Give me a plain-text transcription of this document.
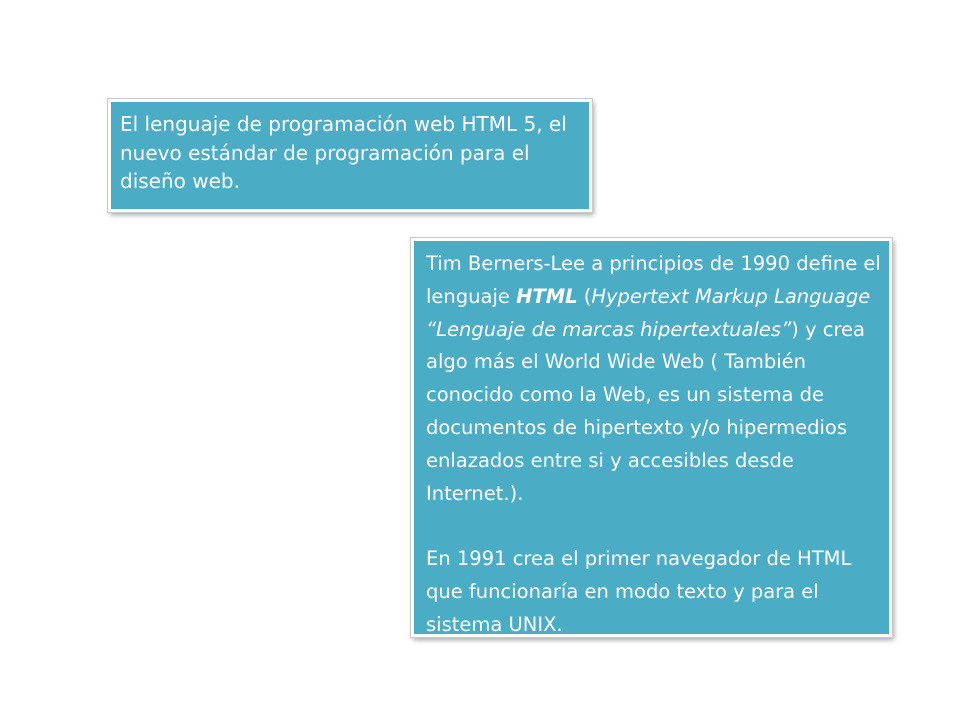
El lenguaje de programación web HTML 5, el nuevo estándar de programación para el diseño web.

Tim Berners-Lee a principios de 1990 define el lenguaje HTML (Hypertext Markup Language “Lenguaje de marcas hipertextuales”) y crea algo más el World Wide Web ( También conocido como la Web, es un sistema de documentos de hipertexto y/o hipermedios enlazados entre si y accesibles desde Internet.).

En 1991 crea el primer navegador de HTML que funcionaría en modo texto y para el sistema UNIX.
